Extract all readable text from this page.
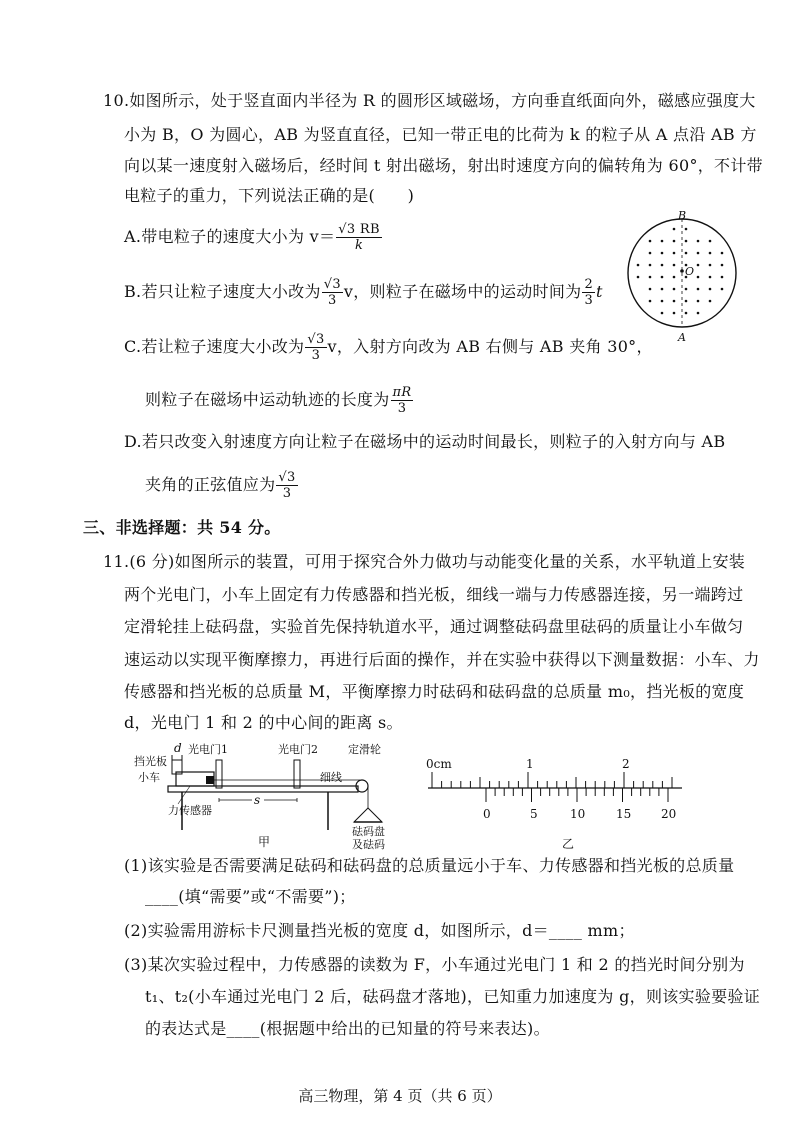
10.如图所示，处于竖直面内半径为 R 的圆形区域磁场，方向垂直纸面向外，磁感应强度大
小为 B，O 为圆心，AB 为竖直直径，已知一带正电的比荷为 k 的粒子从 A 点沿 AB 方
向以某一速度射入磁场后，经时间 t 射出磁场，射出时速度方向的偏转角为 60°，不计带
电粒子的重力，下列说法正确的是(　　)
A.带电粒子的速度大小为 $v= \frac{√3 RB}{k}$
B.若只让粒子速度大小改为 $\frac{√3}{3}$ v，则粒子在磁场中的运动时间为 $\frac{2}{3}$ t
C.若让粒子速度大小改为 $\frac{√3}{3}$ v，入射方向改为 AB 右侧与 AB 夹角 30°，
则粒子在磁场中运动轨迹的长度为 $\frac{\pi R}{3}$
D.若只改变入射速度方向让粒子在磁场中的运动时间最长，则粒子的入射方向与 AB
夹角的正弦值应为 $\frac{√3}{3}$
B
O
A
三、非选择题：共 54 分。
11.(6 分)如图所示的装置，可用于探究合外力做功与动能变化量的关系，水平轨道上安装
两个光电门，小车上固定有力传感器和挡光板，细线一端与力传感器连接，另一端跨过
定滑轮挂上砝码盘，实验首先保持轨道水平，通过调整砝码盘里砝码的质量让小车做匀
速运动以实现平衡摩擦力，再进行后面的操作，并在实验中获得以下测量数据：小车、力
传感器和挡光板的总质量 M，平衡摩擦力时砝码和砝码盘的总质量 m₀，挡光板的宽度
d，光电门 1 和 2 的中心间的距离 s。
d 光电门1	光电门2	定滑轮
挡光板
小车	细线
砝码盘
及砝码
s
力传感器
甲
0cm	1	2
0	5	10	15 20
乙
(1)该实验是否需要满足砝码和砝码盘的总质量远小于车、力传感器和挡光板的总质量
____(填“需要”或“不需要”)；
(2)实验需用游标卡尺测量挡光板的宽度 d，如图所示，d＝____ mm；
(3)某次实验过程中，力传感器的读数为 F，小车通过光电门 1 和 2 的挡光时间分别为
t₁、t₂(小车通过光电门 2 后，砝码盘才落地)，已知重力加速度为 g，则该实验要验证
的表达式是____(根据题中给出的已知量的符号来表达)。
高三物理，第 4 页（共 6 页）
